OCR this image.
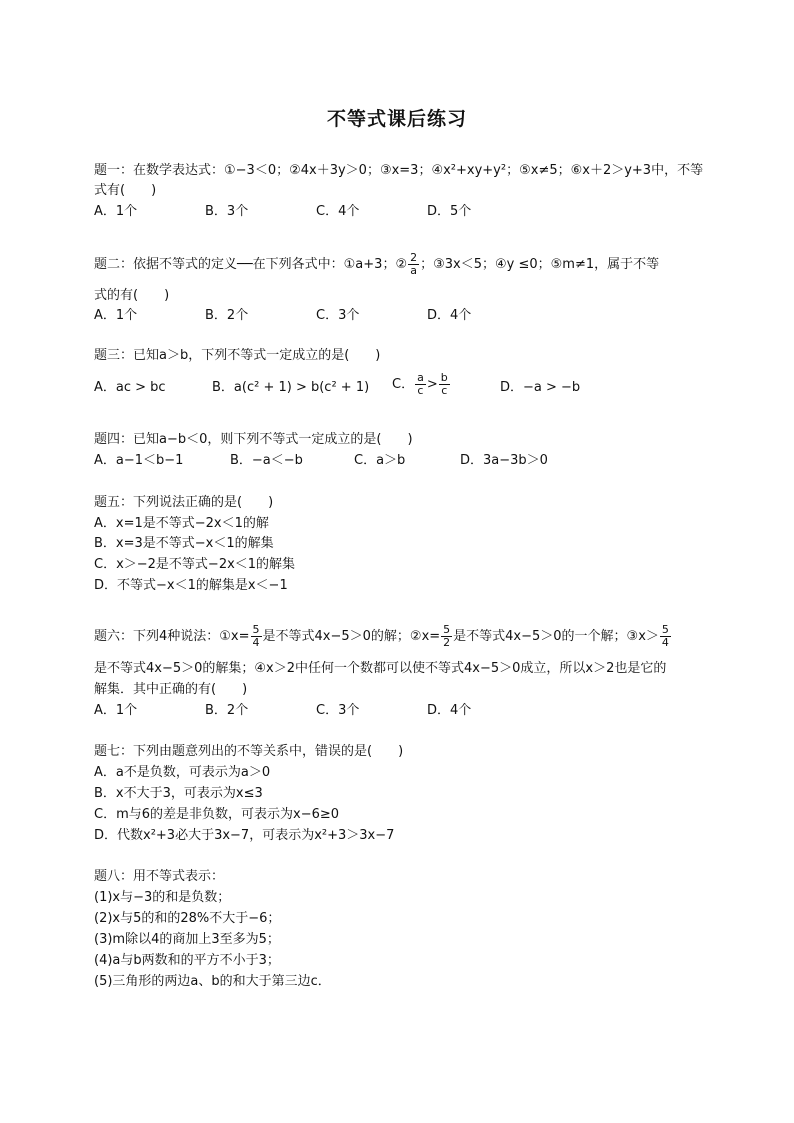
不等式课后练习
题一：在数学表达式：①−3＜0；②4x＋3y＞0；③x=3；④x²+xy+y²；⑤x≠5；⑥x＋2＞y+3中，不等
式有(　　)
A．1个	B．3个	C．4个	D．5个
题二：依据不等式的定义──在下列各式中：①a+3；② $\frac{2}{a}$ ；③3x＜5；④y ≤0；⑤m≠1，属于不等
式的有(　　)
A．1个	B．2个	C．3个	D．4个
题三：已知a＞b，下列不等式一定成立的是(　　)
A．ac > bc	B．a(c² + 1) > b(c² + 1) C． $\frac{a}{c} > \frac{b}{c}$	D．−a > −b
题四：已知a−b＜0，则下列不等式一定成立的是(　　)
A．a−1＜b−1	B．−a＜−b	C．a＞b	D．3a−3b＞0
题五：下列说法正确的是(　　)
A．x=1是不等式−2x＜1的解
B．x=3是不等式−x＜1的解集
C．x＞−2是不等式−2x＜1的解集
D．不等式−x＜1的解集是x＜−1
题六：下列4种说法：①x= $\frac{5}{4}$ 是不等式4x−5＞0的解；②x= $\frac{5}{2}$ 是不等式4x−5＞0的一个解；③x＞ $\frac{5}{4}$
是不等式4x−5＞0的解集；④x＞2中任何一个数都可以使不等式4x−5＞0成立，所以x＞2也是它的
解集．其中正确的有(　　)
A．1个	B．2个	C．3个	D．4个
题七：下列由题意列出的不等关系中，错误的是(　　)
A．a不是负数，可表示为a＞0
B．x不大于3，可表示为x≤3
C．m与6的差是非负数，可表示为x−6≥0
D．代数x²+3必大于3x−7，可表示为x²+3＞3x−7
题八：用不等式表示：
(1)x与−3的和是负数；
(2)x与5的和的28%不大于−6；
(3)m除以4的商加上3至多为5；
(4)a与b两数和的平方不小于3；
(5)三角形的两边a、b的和大于第三边c．
